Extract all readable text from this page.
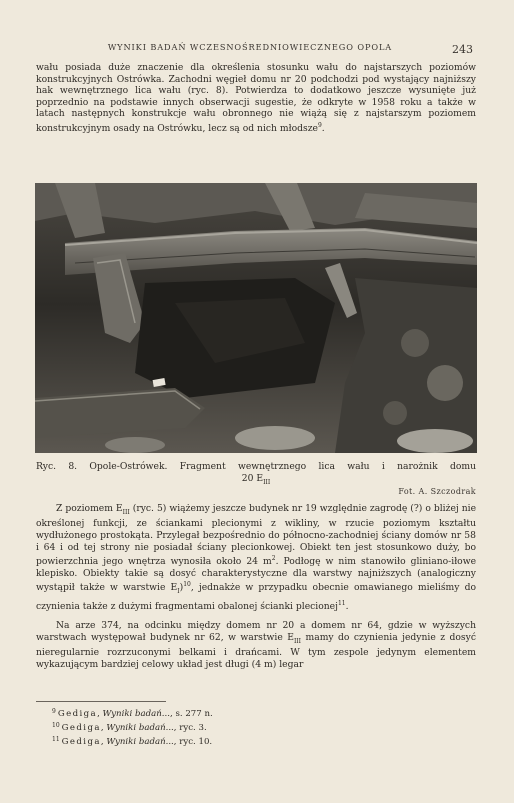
WYNIKI BADAŃ WCZESNOŚREDNIOWIECZNEGO OPOLA	243

wału posiada duże znaczenie dla określenia stosunku wału do najstarszych poziomów konstrukcyjnych Ostrówka. Zachodni węgieł domu nr 20 podchodzi pod wystający najniższy hak wewnętrznego lica wału (ryc. 8). Potwierdza to dodatkowo jeszcze wysunięte już poprzednio na podstawie innych obserwacji sugestie, że odkryte w 1958 roku a także w latach następnych konstrukcje wału obronnego nie wiążą się z najstarszym poziomem konstrukcyjnym osady na Ostrówku, lecz są od nich młodsze$^9$.

Ryc. 8. Opole-Ostrówek. Fragment wewnętrznego lica wału i narożnik domu
20 $E_{III}$
Fot. A. Szczodrak

Z poziomem $E_{III}$ (ryc. 5) wiążemy jeszcze budynek nr 19 względnie zagrodę (?) o bliżej nie określonej funkcji, ze ściankami plecionymi z wikliny, w rzucie poziomym kształtu wydłużonego prostokąta. Przylegał bezpośrednio do północno-zachodniej ściany domów nr 58 i 64 i od tej strony nie posiadał ściany plecionkowej. Obiekt ten jest stosunkowo duży, bo powierzchnia jego wnętrza wynosiła około 24 $m^2$. Podłogę w nim stanowiło gliniano-iłowe klepisko. Obiekty takie są dosyć charakterystyczne dla warstwy najniższych (analogiczny wystąpił także w warstwie $E_I)^{10}$, jednakże w przypadku obecnie omawianego mieliśmy do czynienia także z dużymi fragmentami obalonej ścianki plecionej$^{11}$.

Na arze 374, na odcinku między domem nr 20 a domem nr 64, gdzie w wyższych warstwach występował budynek nr 62, w warstwie $E_{III}$ mamy do czynienia jedynie z dosyć nieregularnie rozrzuconymi belkami i drańcami. W tym zespole jedynym elementem wykazującym bardziej celowy układ jest długi (4 m) legar

$^9$ Gediga, Wyniki badań..., s. 277 n.
$^{10}$ Gediga, Wyniki badań..., ryc. 3.
$^{11}$ Gediga, Wyniki badań..., ryc. 10.
